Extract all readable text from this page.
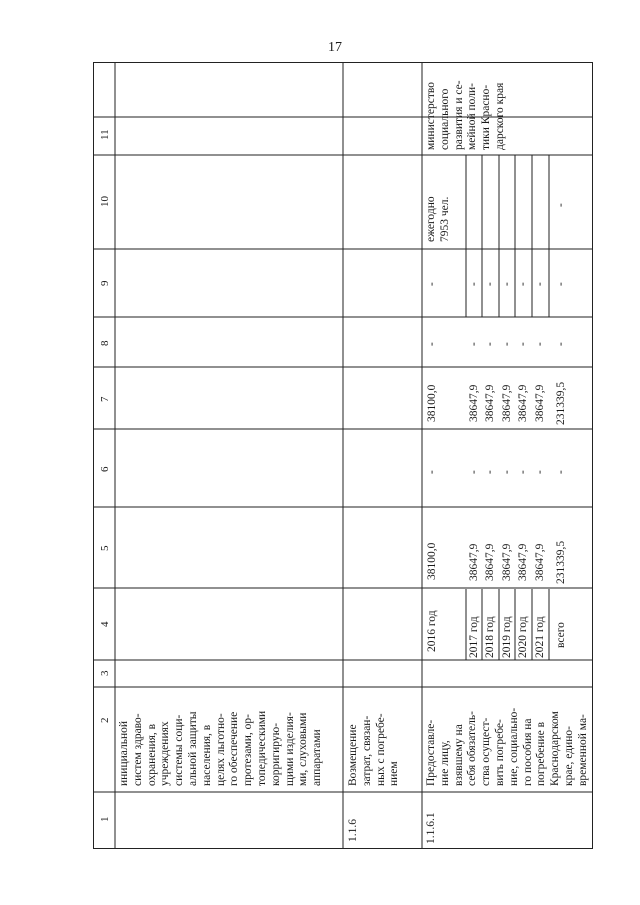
17
1
2
3
4
5
6
7
8
9
10
11
инициальной систем здраво- охранения, в учреждениях системы соци- альной защиты населения, в целях льготно- го обеспечение протезами, ор- топедическими корригирую- щими изделия- ми, слуховыми аппаратами
1.1.6
Возмещение затрат, связан- ных с погребе- нием
1.1.6.1
Предоставле- ние лицу, взявшему на себя обязатель- ства осущест- вить погребе- ние, социально- го пособия на погребение в Краснодарском крае, едино- временной ма-
2016 год
38100,0
-
38100,0
-
-
2017 год
38647,9
-
38647,9
-
-
2018 год
38647,9
-
38647,9
-
-
2019 год
38647,9
-
38647,9
-
-
2020 год
38647,9
-
38647,9
-
-
2021 год
38647,9
-
38647,9
-
-
всего
231339,5
-
231339,5
-
-
ежегодно 7953 чел.	-
министерство социального развития и се- мейной поли- тики Красно- дарского края
